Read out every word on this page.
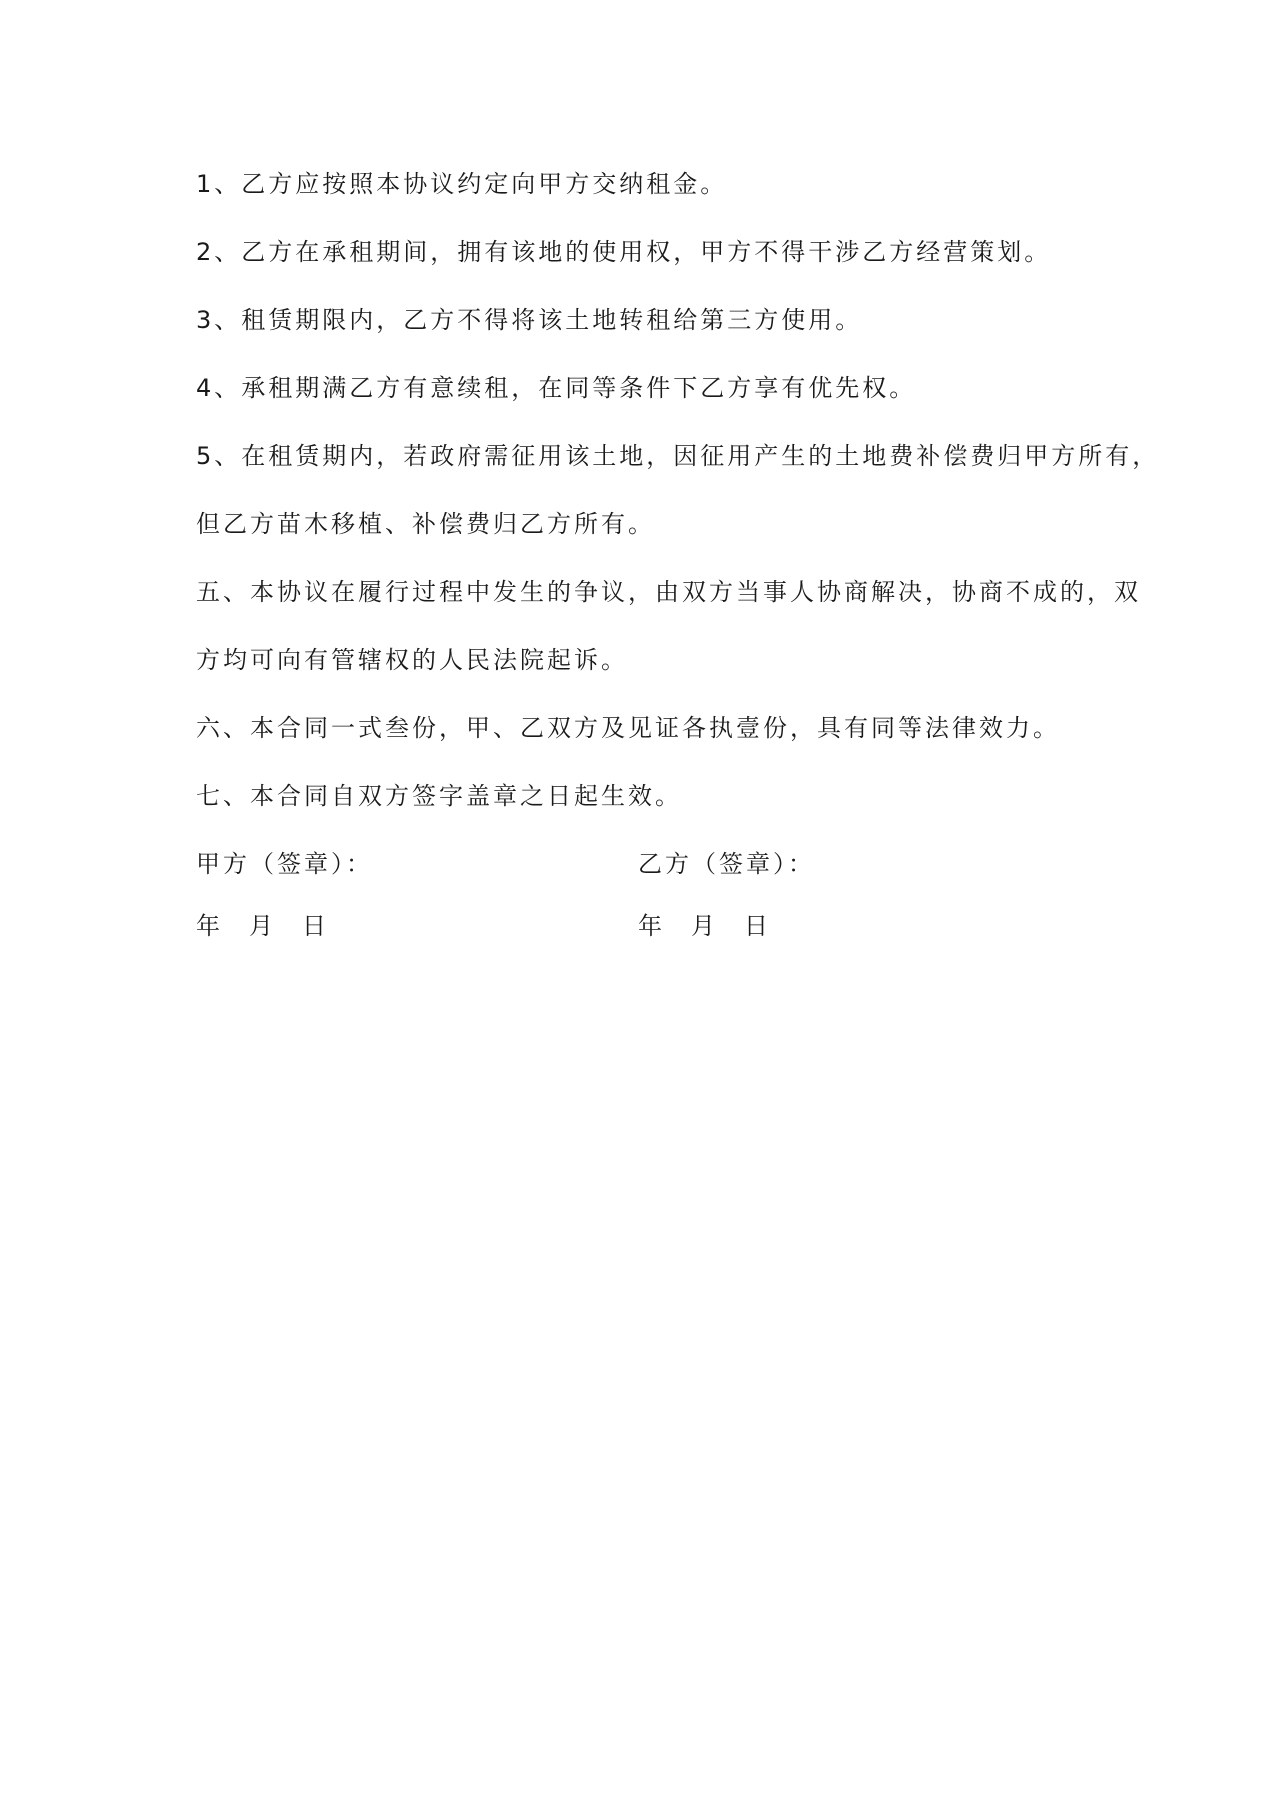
1、乙方应按照本协议约定向甲方交纳租金。
2、乙方在承租期间，拥有该地的使用权，甲方不得干涉乙方经营策划。
3、租赁期限内，乙方不得将该土地转租给第三方使用。
4、承租期满乙方有意续租，在同等条件下乙方享有优先权。
5、在租赁期内，若政府需征用该土地，因征用产生的土地费补偿费归甲方所有，
但乙方苗木移植、补偿费归乙方所有。
五、本协议在履行过程中发生的争议，由双方当事人协商解决，协商不成的，双
方均可向有管辖权的人民法院起诉。
六、本合同一式叁份，甲、乙双方及见证各执壹份，具有同等法律效力。
七、本合同自双方签字盖章之日起生效。
甲方（签章）：	乙方（签章）：
年 月 日	年 月 日
